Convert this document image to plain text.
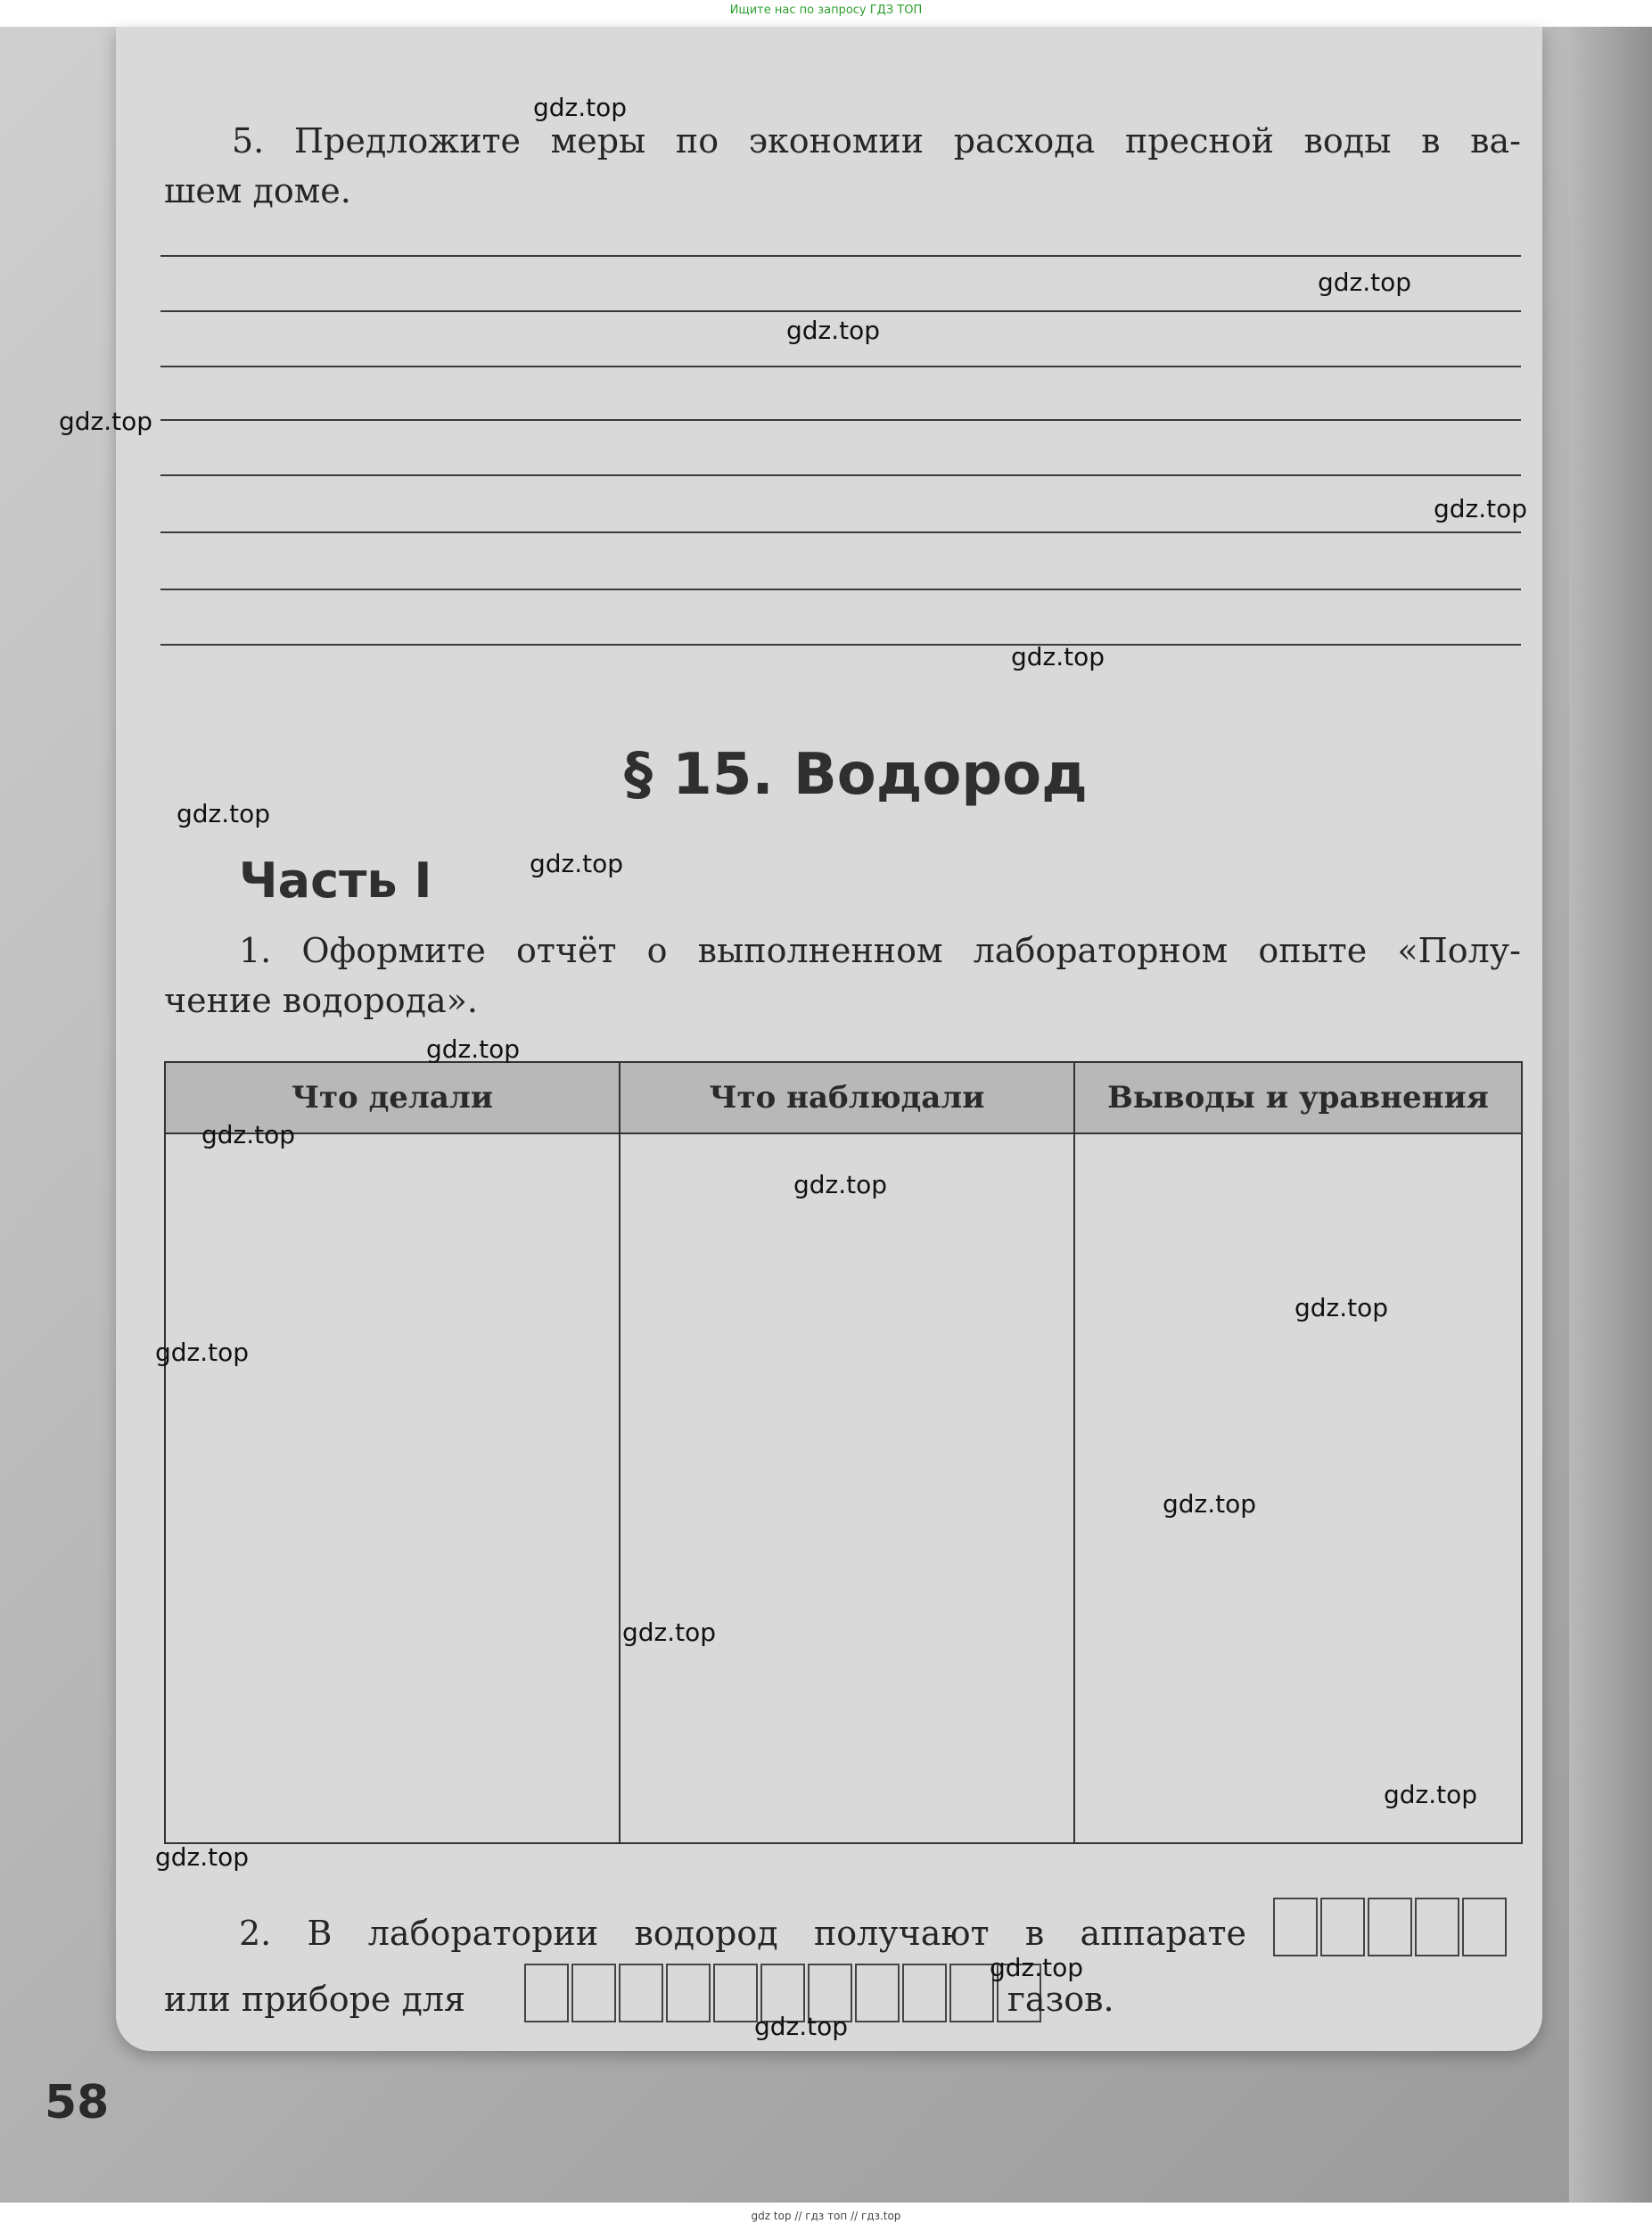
Ищите нас по запросу ГДЗ ТОП
5. Предложите меры по экономии расхода пресной воды в ва-
шем доме.
§ 15. Водород
Часть I
1. Оформите отчёт о выполненном лабораторном опыте «Полу-
чение водорода».
Что делали	Что наблюдали	Выводы и уравнения

2. В лаборатории водород получают в аппарате
или приборе для	газов.
58
gdz.top
gdz.top
gdz.top
gdz.top
gdz.top
gdz.top
gdz.top
gdz.top
gdz.top
gdz.top
gdz.top
gdz.top
gdz.top
gdz.top
gdz.top
gdz.top
gdz.top
gdz.top
gdz.top
gdz top // гдз топ // гдз.top
